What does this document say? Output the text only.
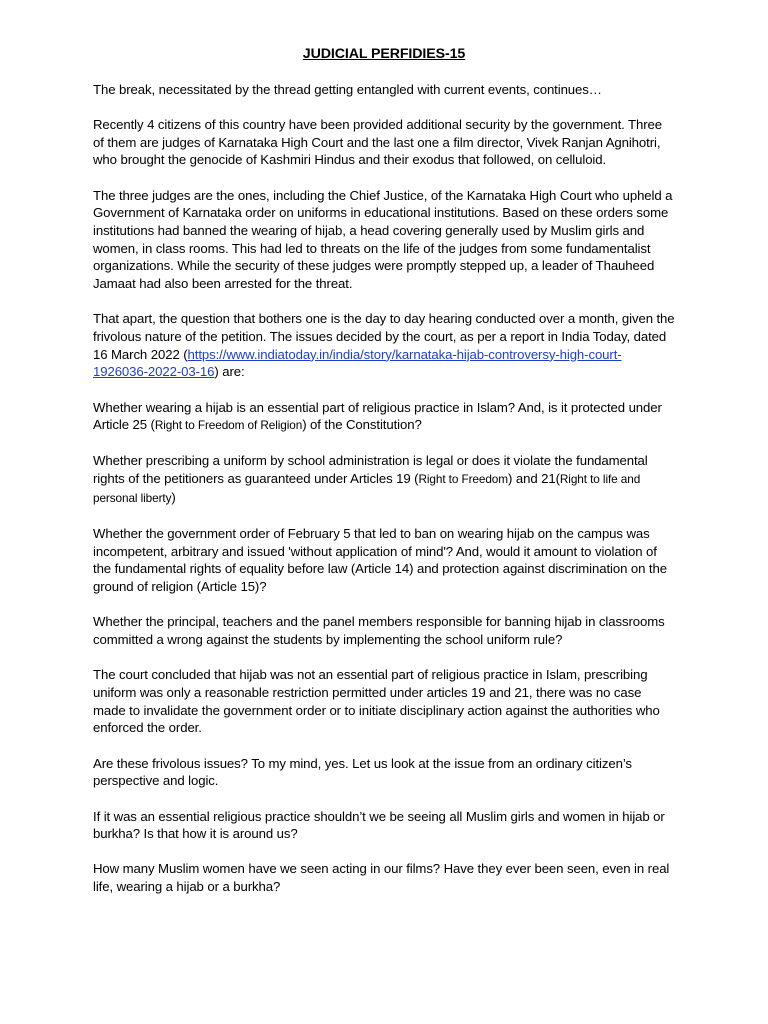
JUDICIAL PERFIDIES-15

The break, necessitated by the thread getting entangled with current events, continues…

Recently 4 citizens of this country have been provided additional security by the government. Three of them are judges of Karnataka High Court and the last one a film director, Vivek Ranjan Agnihotri, who brought the genocide of Kashmiri Hindus and their exodus that followed, on celluloid.

The three judges are the ones, including the Chief Justice, of the Karnataka High Court who upheld a Government of Karnataka order on uniforms in educational institutions. Based on these orders some institutions had banned the wearing of hijab, a head covering generally used by Muslim girls and women, in class rooms. This had led to threats on the life of the judges from some fundamentalist organizations. While the security of these judges were promptly stepped up, a leader of Thauheed Jamaat had also been arrested for the threat.

That apart, the question that bothers one is the day to day hearing conducted over a month, given the frivolous nature of the petition. The issues decided by the court, as per a report in India Today, dated 16 March 2022 (https://www.indiatoday.in/india/story/karnataka-hijab-controversy-high-court-1926036-2022-03-16) are:

Whether wearing a hijab is an essential part of religious practice in Islam? And, is it protected under Article 25 (Right to Freedom of Religion) of the Constitution?

Whether prescribing a uniform by school administration is legal or does it violate the fundamental rights of the petitioners as guaranteed under Articles 19 (Right to Freedom) and 21(Right to life and personal liberty)

Whether the government order of February 5 that led to ban on wearing hijab on the campus was incompetent, arbitrary and issued 'without application of mind'? And, would it amount to violation of the fundamental rights of equality before law (Article 14) and protection against discrimination on the ground of religion (Article 15)?

Whether the principal, teachers and the panel members responsible for banning hijab in classrooms committed a wrong against the students by implementing the school uniform rule?

The court concluded that hijab was not an essential part of religious practice in Islam, prescribing uniform was only a reasonable restriction permitted under articles 19 and 21, there was no case made to invalidate the government order or to initiate disciplinary action against the authorities who enforced the order.

Are these frivolous issues? To my mind, yes. Let us look at the issue from an ordinary citizen’s perspective and logic.

If it was an essential religious practice shouldn’t we be seeing all Muslim girls and women in hijab or burkha? Is that how it is around us?

How many Muslim women have we seen acting in our films? Have they ever been seen, even in real life, wearing a hijab or a burkha?
